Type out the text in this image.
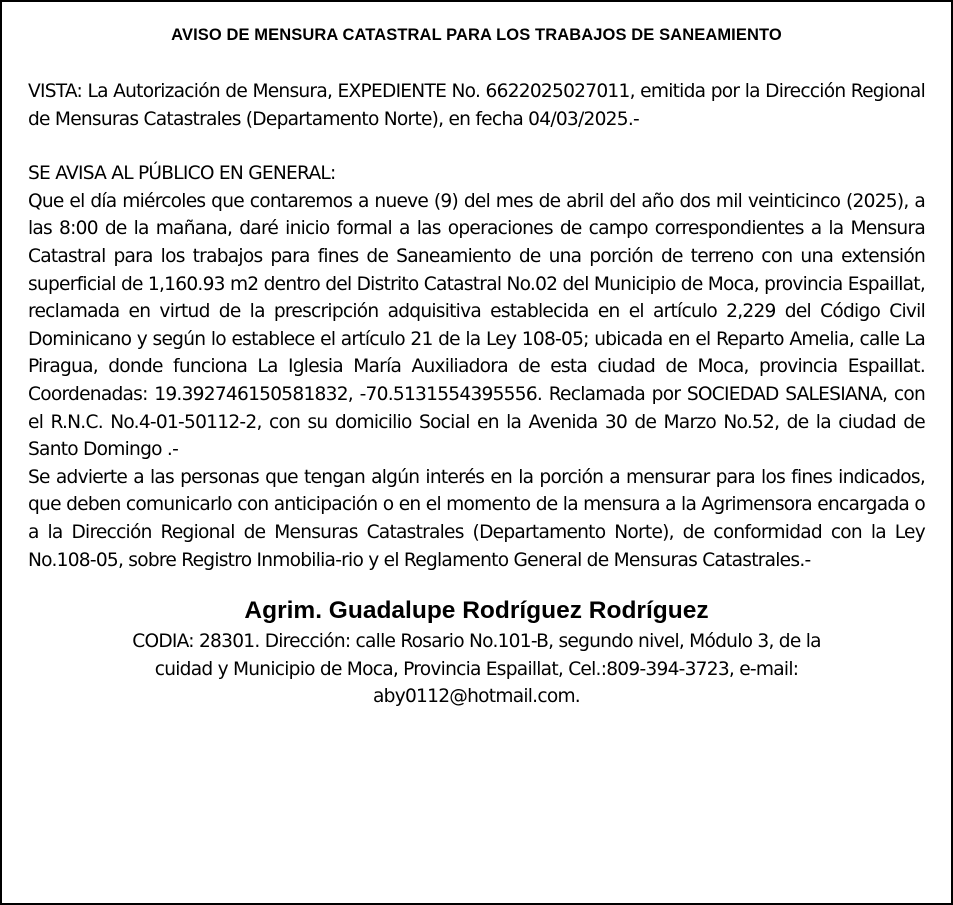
AVISO DE MENSURA CATASTRAL PARA LOS TRABAJOS DE SANEAMIENTO

VISTA: La Autorización de Mensura, EXPEDIENTE No. 6622025027011, emitida por la Dirección Regional de Mensuras Catastrales (Departamento Norte), en fecha 04/03/2025.-

SE AVISA AL PÚBLICO EN GENERAL:

Que el día miércoles que contaremos a nueve (9) del mes de abril del año dos mil veinticinco (2025), a las 8:00 de la mañana, daré inicio formal a las operaciones de campo correspondientes a la Mensura Catastral para los trabajos para fines de Saneamiento de una porción de terreno con una extensión superficial de 1,160.93 m2 dentro del Distrito Catastral No.02 del Municipio de Moca, provincia Espaillat, reclamada en virtud de la prescripción adquisitiva establecida en el artículo 2,229 del Código Civil Dominicano y según lo establece el artículo 21 de la Ley 108-05; ubicada en el Reparto Amelia, calle La Piragua, donde funciona La Iglesia María Auxiliadora de esta ciudad de Moca, provincia Espaillat. Coordenadas: 19.392746150581832, -70.5131554395556. Reclamada por SOCIEDAD SALESIANA, con el R.N.C. No.4-01-50112-2, con su domicilio Social en la Avenida 30 de Marzo No.52, de la ciudad de Santo Domingo .-

Se advierte a las personas que tengan algún interés en la porción a mensurar para los fines indicados, que deben comunicarlo con anticipación o en el momento de la mensura a la Agrimensora encargada o a la Dirección Regional de Mensuras Catastrales (Departamento Norte), de conformidad con la Ley No.108-05, sobre Registro Inmobilia-rio y el Reglamento General de Mensuras Catastrales.-

Agrim. Guadalupe Rodríguez Rodríguez

CODIA: 28301. Dirección: calle Rosario No.101-B, segundo nivel, Módulo 3, de la
cuidad y Municipio de Moca, Provincia Espaillat, Cel.:809-394-3723, e-mail:
aby0112@hotmail.com.
